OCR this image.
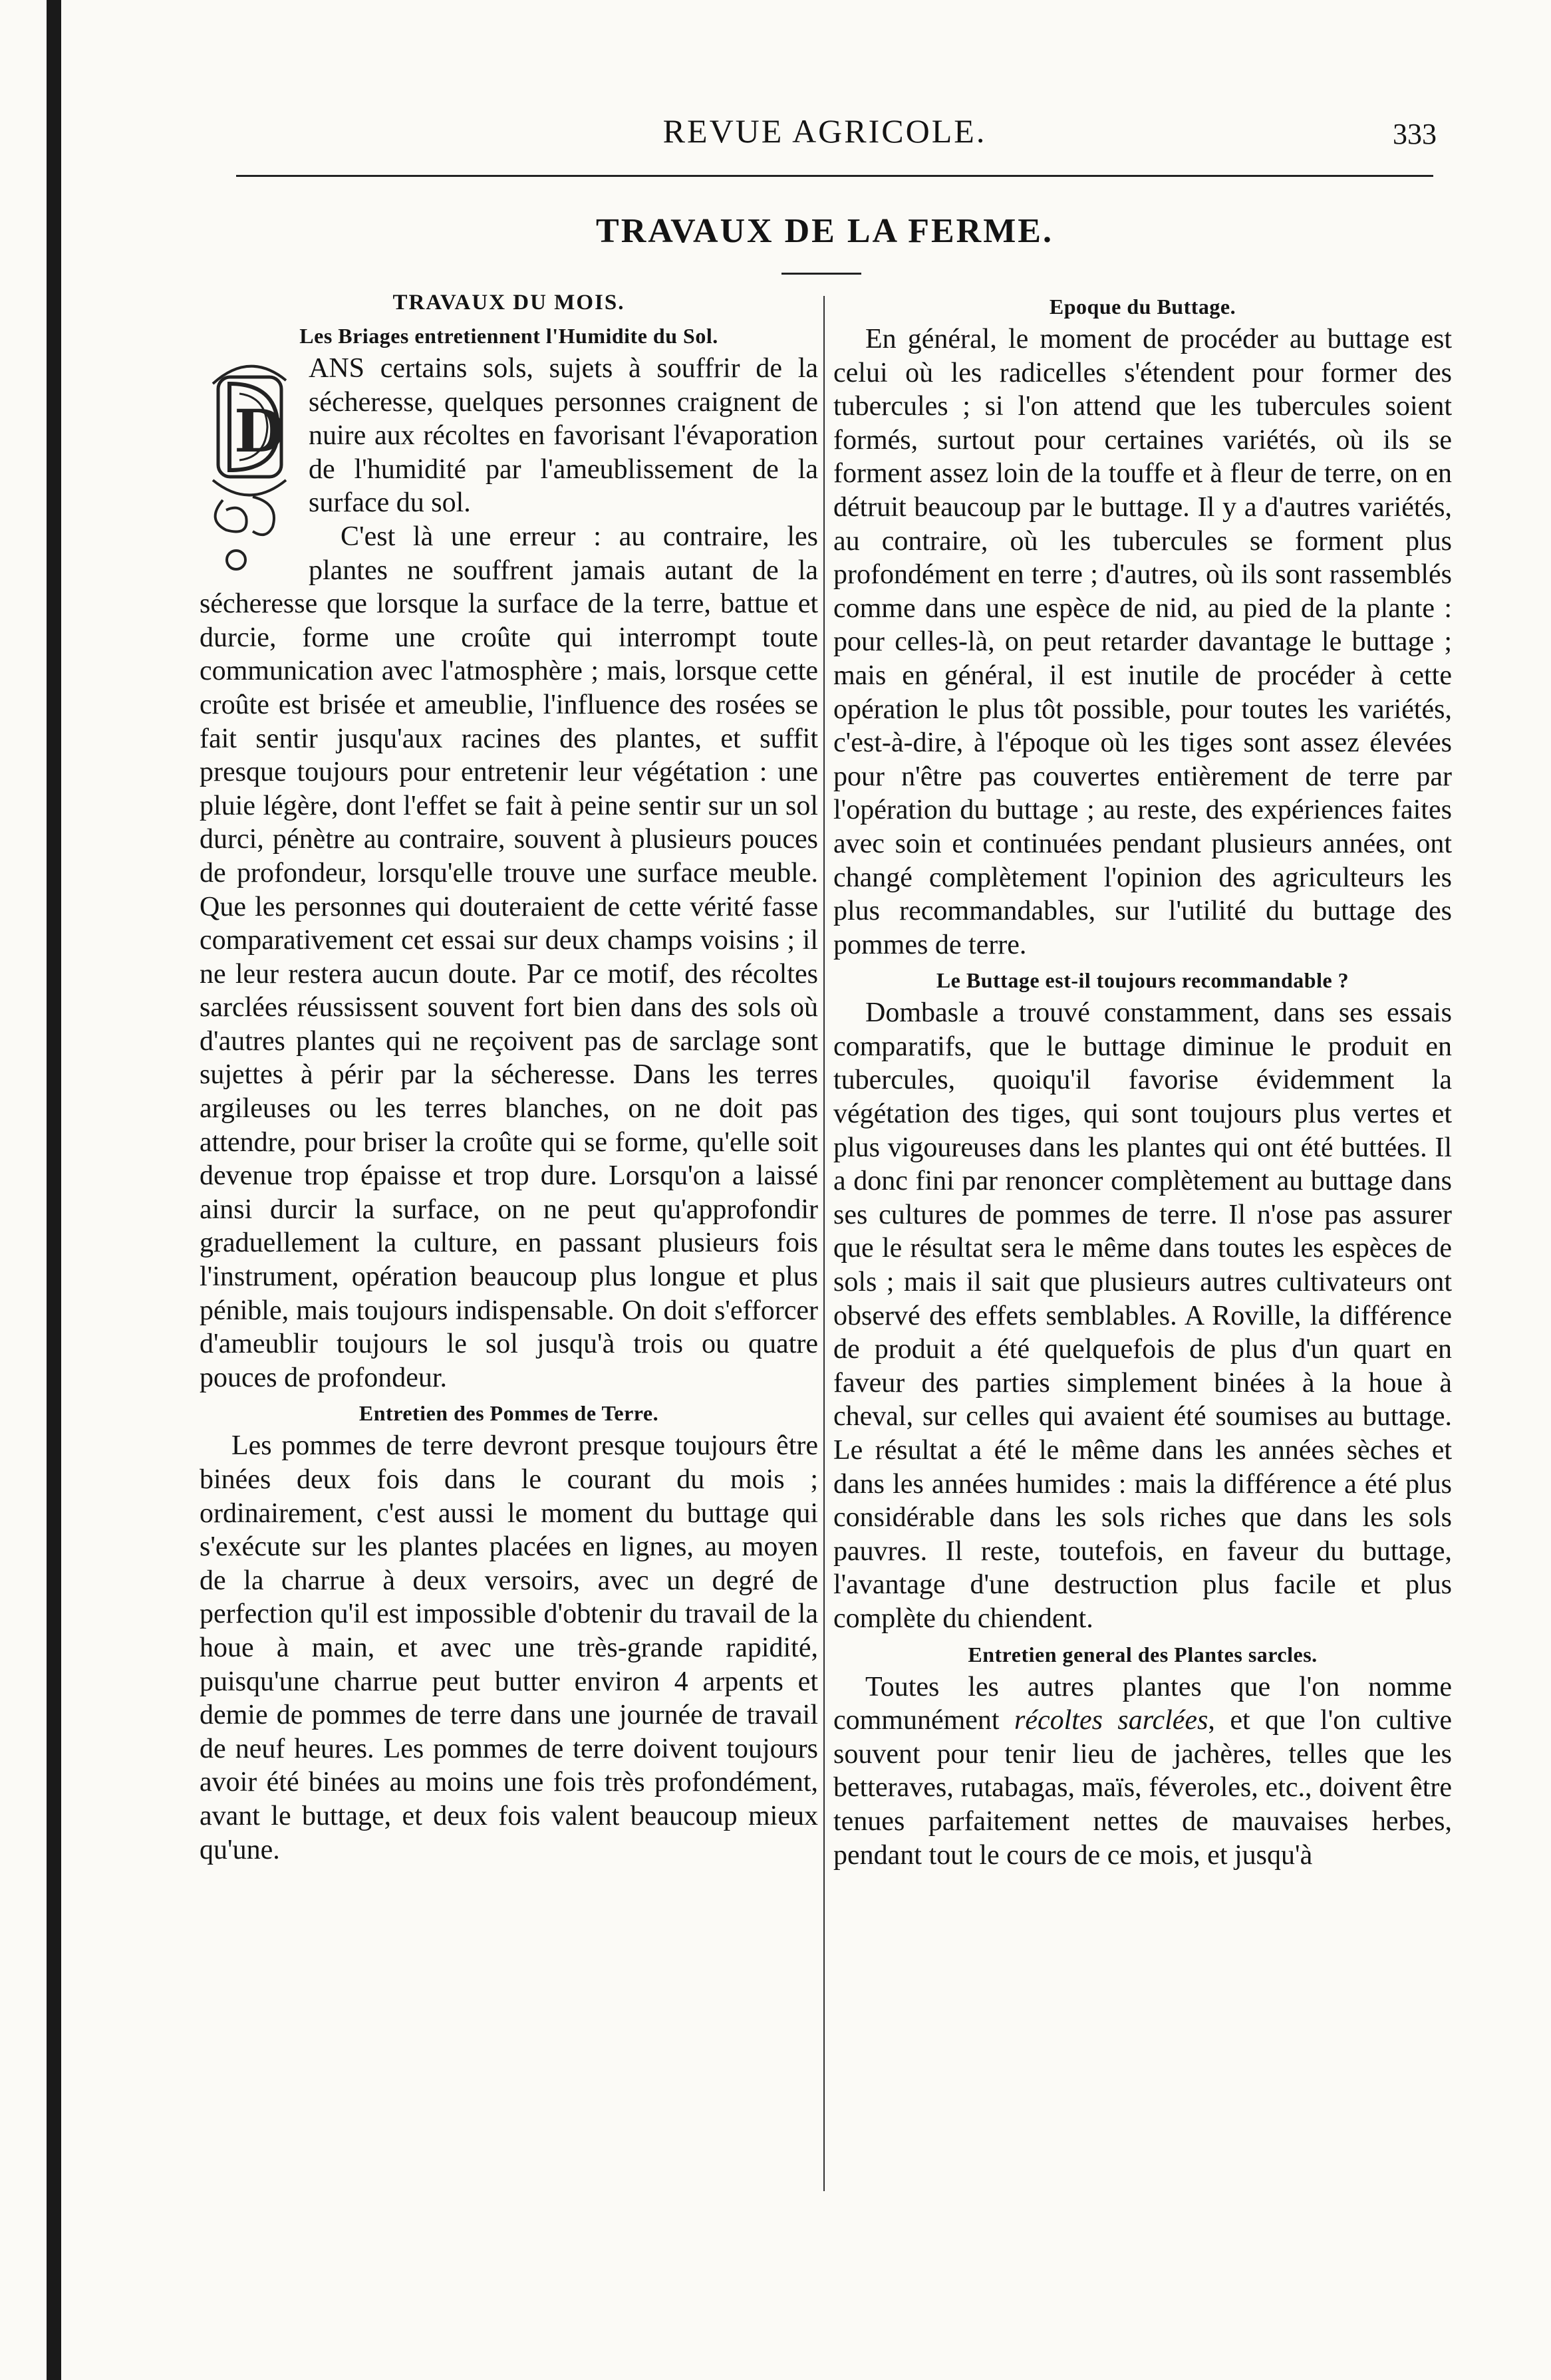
REVUE AGRICOLE.	333
TRAVAUX DE LA FERME.
TRAVAUX DU MOIS.
Les Briages entretiennent l'Humidite du Sol.
D

ANS certains sols, sujets à souffrir de la sécheresse, quelques personnes craignent de nuire aux récoltes en favorisant l'évaporation de l'humidité par l'ameublissement de la surface du sol.

C'est là une erreur : au contraire, les plantes ne souffrent jamais autant de la sécheresse que lorsque la surface de la terre, battue et durcie, forme une croûte qui interrompt toute communication avec l'atmosphère ; mais, lorsque cette croûte est brisée et ameublie, l'influence des rosées se fait sentir jusqu'aux racines des plantes, et suffit presque toujours pour entretenir leur végétation : une pluie légère, dont l'effet se fait à peine sentir sur un sol durci, pénètre au contraire, souvent à plusieurs pouces de profondeur, lorsqu'elle trouve une surface meuble. Que les personnes qui douteraient de cette vérité fasse comparativement cet essai sur deux champs voisins ; il ne leur restera aucun doute. Par ce motif, des récoltes sarclées réussissent souvent fort bien dans des sols où d'autres plantes qui ne reçoivent pas de sarclage sont sujettes à périr par la sécheresse. Dans les terres argileuses ou les terres blanches, on ne doit pas attendre, pour briser la croûte qui se forme, qu'elle soit devenue trop épaisse et trop dure. Lorsqu'on a laissé ainsi durcir la surface, on ne peut qu'approfondir graduellement la culture, en passant plusieurs fois l'instrument, opération beaucoup plus longue et plus pénible, mais toujours indispensable. On doit s'efforcer d'ameublir toujours le sol jusqu'à trois ou quatre pouces de profondeur.

Entretien des Pommes de Terre.

Les pommes de terre devront presque toujours être binées deux fois dans le courant du mois ; ordinairement, c'est aussi le moment du buttage qui s'exécute sur les plantes placées en lignes, au moyen de la charrue à deux versoirs, avec un degré de perfection qu'il est impossible d'obtenir du travail de la houe à main, et avec une très-grande rapidité, puisqu'une charrue peut butter environ 4 arpents et demie de pommes de terre dans une journée de travail de neuf heures. Les pommes de terre doivent toujours avoir été binées au moins une fois très profondément, avant le buttage, et deux fois valent beaucoup mieux qu'une.

Epoque du Buttage.

En général, le moment de procéder au buttage est celui où les radicelles s'étendent pour former des tubercules ; si l'on attend que les tubercules soient formés, surtout pour certaines variétés, où ils se forment assez loin de la touffe et à fleur de terre, on en détruit beaucoup par le buttage. Il y a d'autres variétés, au contraire, où les tubercules se forment plus profondément en terre ; d'autres, où ils sont rassemblés comme dans une espèce de nid, au pied de la plante : pour celles-là, on peut retarder davantage le buttage ; mais en général, il est inutile de procéder à cette opération le plus tôt possible, pour toutes les variétés, c'est-à-dire, à l'époque où les tiges sont assez élevées pour n'être pas couvertes entièrement de terre par l'opération du buttage ; au reste, des expériences faites avec soin et continuées pendant plusieurs années, ont changé complètement l'opinion des agriculteurs les plus recommandables, sur l'utilité du buttage des pommes de terre.

Le Buttage est-il toujours recommandable ?

Dombasle a trouvé constamment, dans ses essais comparatifs, que le buttage diminue le produit en tubercules, quoiqu'il favorise évidemment la végétation des tiges, qui sont toujours plus vertes et plus vigoureuses dans les plantes qui ont été buttées. Il a donc fini par renoncer complètement au buttage dans ses cultures de pommes de terre. Il n'ose pas assurer que le résultat sera le même dans toutes les espèces de sols ; mais il sait que plusieurs autres cultivateurs ont observé des effets semblables. A Roville, la différence de produit a été quelquefois de plus d'un quart en faveur des parties simplement binées à la houe à cheval, sur celles qui avaient été soumises au buttage. Le résultat a été le même dans les années sèches et dans les années humides : mais la différence a été plus considérable dans les sols riches que dans les sols pauvres. Il reste, toutefois, en faveur du buttage, l'avantage d'une destruction plus facile et plus complète du chiendent.

Entretien general des Plantes sarcles.

Toutes les autres plantes que l'on nomme communément récoltes sarclées, et que l'on cultive souvent pour tenir lieu de jachères, telles que les betteraves, rutabagas, maïs, féveroles, etc., doivent être tenues parfaitement nettes de mauvaises herbes, pendant tout le cours de ce mois, et jusqu'à
